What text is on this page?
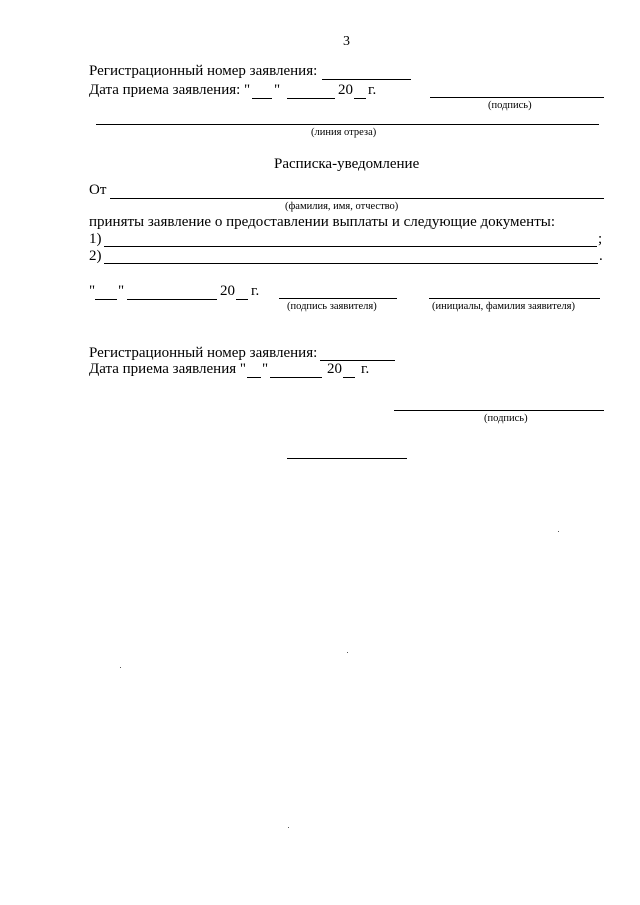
3
Регистрационный номер заявления:
Дата приема заявления: " "	20 г.
(подпись)
(линия отреза)
Расписка-уведомление
От
(фамилия, имя, отчество)
приняты заявление о предоставлении выплаты и следующие документы:
1)	;
2)	.
" "	20 г.
(подпись заявителя)	(инициалы, фамилия заявителя)
Регистрационный номер заявления:
Дата приема заявления " "	20 г.
(подпись)
